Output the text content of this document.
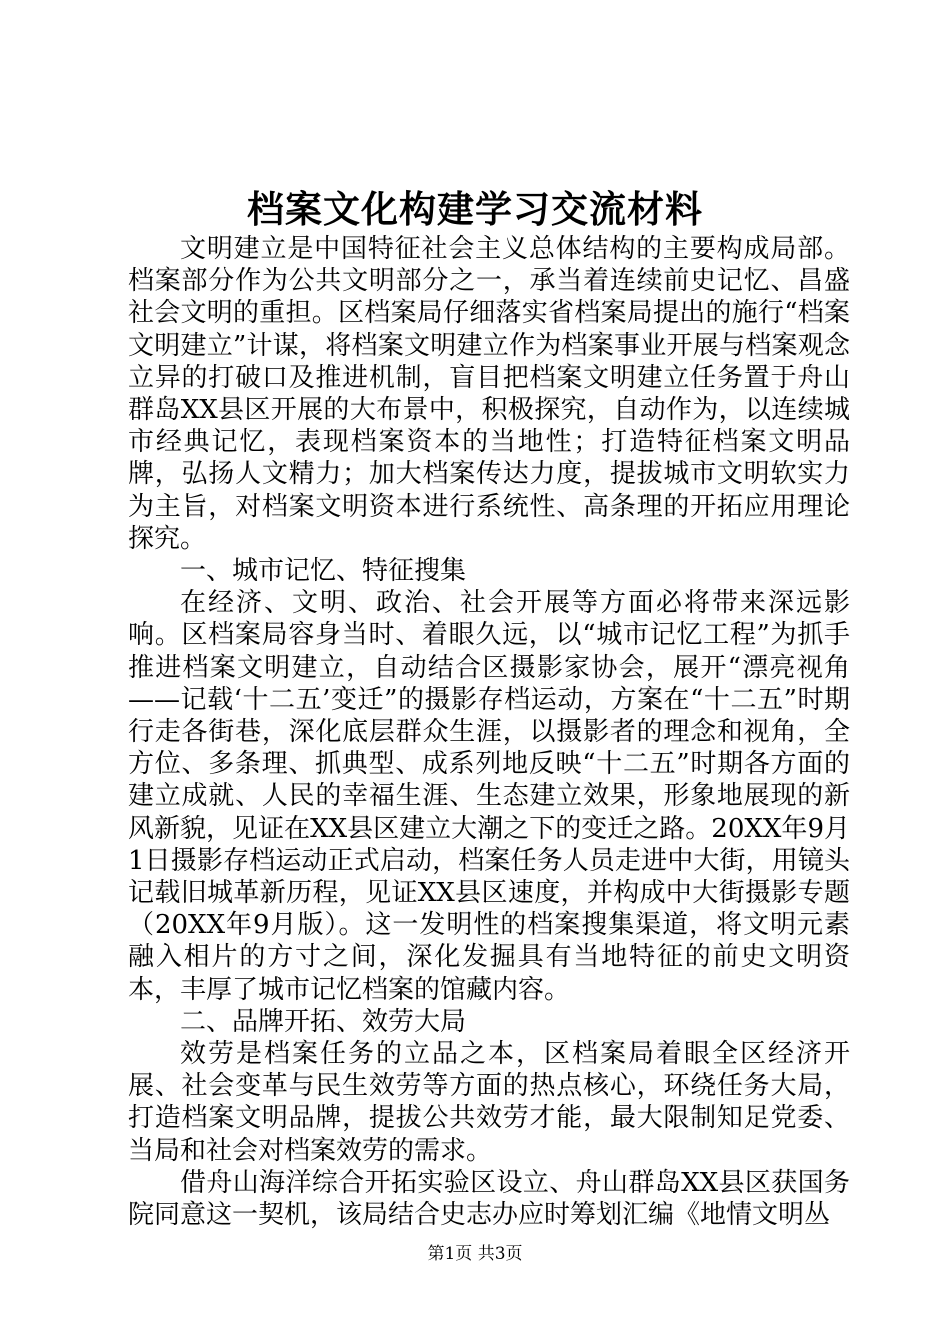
档案文化构建学习交流材料

文明建立是中国特征社会主义总体结构的主要构成局部。档案部分作为公共文明部分之一，承当着连续前史记忆、昌盛社会文明的重担。区档案局仔细落实省档案局提出的施行“档案文明建立”计谋，将档案文明建立作为档案事业开展与档案观念立异的打破口及推进机制，盲目把档案文明建立任务置于舟山群岛XX县区开展的大布景中，积极探究，自动作为，以连续城市经典记忆，表现档案资本的当地性；打造特征档案文明品牌，弘扬人文精力；加大档案传达力度，提拔城市文明软实力为主旨，对档案文明资本进行系统性、高条理的开拓应用理论探究。

一、城市记忆、特征搜集

在经济、文明、政治、社会开展等方面必将带来深远影响。区档案局容身当时、着眼久远，以“城市记忆工程”为抓手推进档案文明建立，自动结合区摄影家协会，展开“漂亮视角——记载‘十二五’变迁”的摄影存档运动，方案在“十二五”时期行走各街巷，深化底层群众生涯，以摄影者的理念和视角，全方位、多条理、抓典型、成系列地反映“十二五”时期各方面的建立成就、人民的幸福生涯、生态建立效果，形象地展现的新风新貌，见证在XX县区建立大潮之下的变迁之路。20XX年9月1日摄影存档运动正式启动，档案任务人员走进中大街，用镜头记载旧城革新历程，见证XX县区速度，并构成中大街摄影专题（20XX年9月版）。这一发明性的档案搜集渠道，将文明元素融入相片的方寸之间，深化发掘具有当地特征的前史文明资本，丰厚了城市记忆档案的馆藏内容。

二、品牌开拓、效劳大局

效劳是档案任务的立品之本，区档案局着眼全区经济开展、社会变革与民生效劳等方面的热点核心，环绕任务大局，打造档案文明品牌，提拔公共效劳才能，最大限制知足党委、当局和社会对档案效劳的需求。

借舟山海洋综合开拓实验区设立、舟山群岛XX县区获国务院同意这一契机，该局结合史志办应时筹划汇编《地情文明丛

第1页 共3页
